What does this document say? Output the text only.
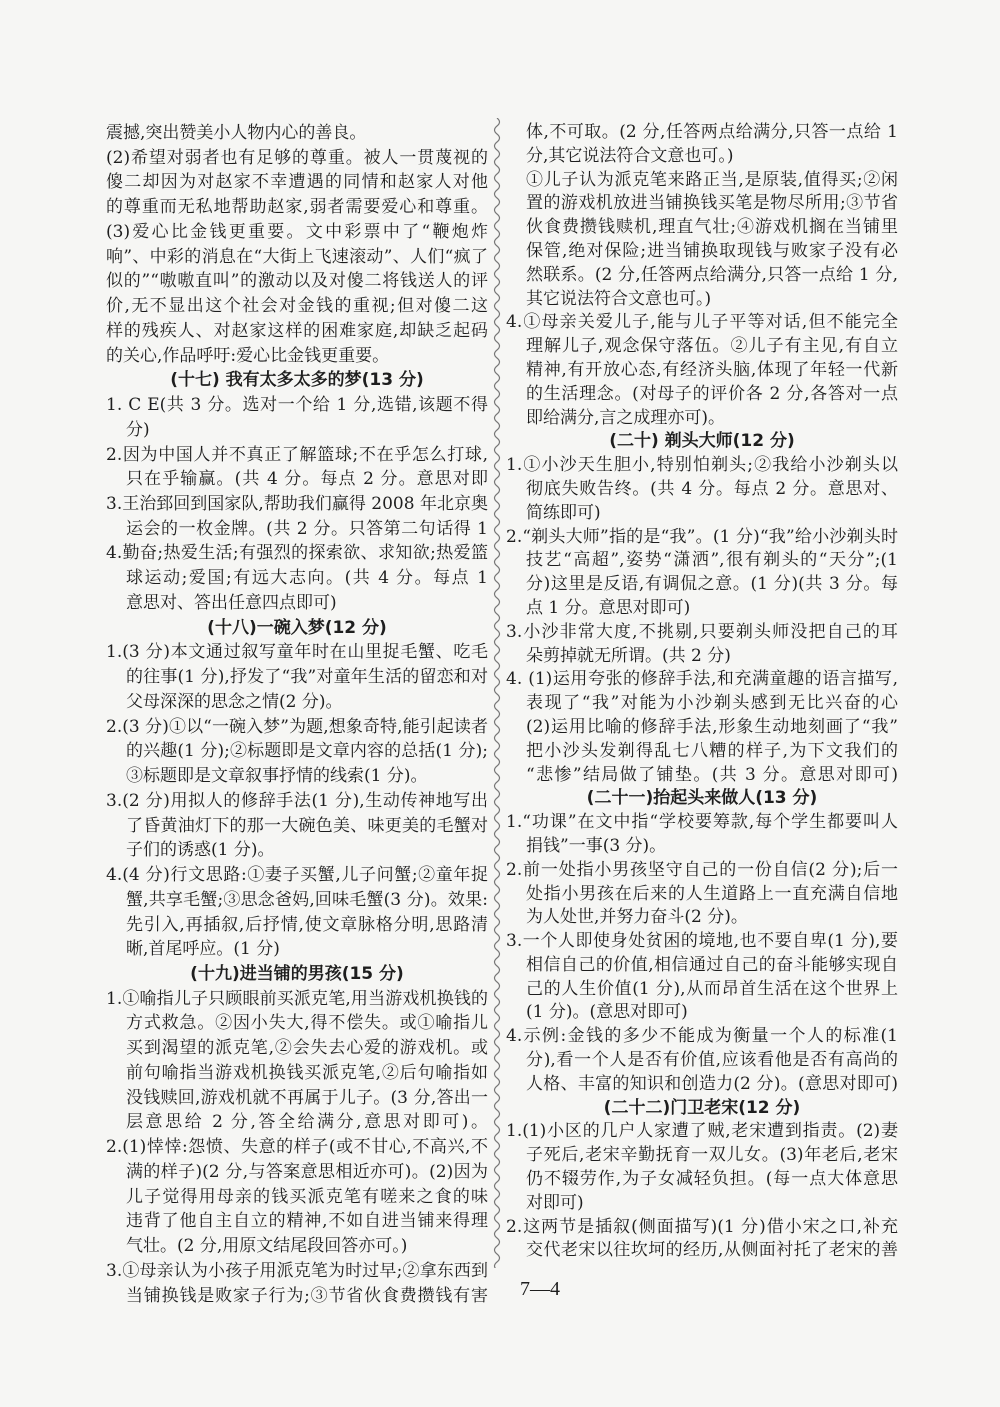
震撼,突出赞美小人物内心的善良。
(2)希望对弱者也有足够的尊重。被人一贯蔑视的
傻二却因为对赵家不幸遭遇的同情和赵家人对他
的尊重而无私地帮助赵家,弱者需要爱心和尊重。
(3)爱心比金钱更重要。文中彩票中了“鞭炮炸
响”、中彩的消息在“大街上飞速滚动”、人们“疯了
似的”“嗷嗷直叫”的激动以及对傻二将钱送人的评
价,无不显出这个社会对金钱的重视;但对傻二这
样的残疾人、对赵家这样的困难家庭,却缺乏起码
的关心,作品呼吁:爱心比金钱更重要。
(十七) 我有太多太多的梦(13 分)
1. C E(共 3 分。选对一个给 1 分,选错,该题不得
分)
2.因为中国人并不真正了解篮球;不在乎怎么打球,
只在乎输赢。(共 4 分。每点 2 分。意思对即
3.王治郅回到国家队,帮助我们赢得 2008 年北京奥
运会的一枚金牌。(共 2 分。只答第二句话得 1
4.勤奋;热爱生活;有强烈的探索欲、求知欲;热爱篮
球运动;爱国;有远大志向。(共 4 分。每点 1
意思对、答出任意四点即可)
(十八)一碗入梦(12 分)
1.(3 分)本文通过叙写童年时在山里捉毛蟹、吃毛
的往事(1 分),抒发了“我”对童年生活的留恋和对
父母深深的思念之情(2 分)。
2.(3 分)①以“一碗入梦”为题,想象奇特,能引起读者
的兴趣(1 分);②标题即是文章内容的总括(1 分);
③标题即是文章叙事抒情的线索(1 分)。
3.(2 分)用拟人的修辞手法(1 分),生动传神地写出
了昏黄油灯下的那一大碗色美、味更美的毛蟹对
子们的诱惑(1 分)。
4.(4 分)行文思路:①妻子买蟹,儿子问蟹;②童年捉
蟹,共享毛蟹;③思念爸妈,回味毛蟹(3 分)。效果:
先引入,再插叙,后抒情,使文章脉格分明,思路清
晰,首尾呼应。(1 分)
(十九)进当铺的男孩(15 分)
1.①喻指儿子只顾眼前买派克笔,用当游戏机换钱的
方式救急。②因小失大,得不偿失。或①喻指儿
买到渴望的派克笔,②会失去心爱的游戏机。或
前句喻指当游戏机换钱买派克笔,②后句喻指如
没钱赎回,游戏机就不再属于儿子。(3 分,答出一
层意思给 2 分,答全给满分,意思对即可)。
2.(1)悻悻:怨愤、失意的样子(或不甘心,不高兴,不
满的样子)(2 分,与答案意思相近亦可)。(2)因为
儿子觉得用母亲的钱买派克笔有嗟来之食的味
违背了他自主自立的精神,不如自进当铺来得理
气壮。(2 分,用原文结尾段回答亦可。)
3.①母亲认为小孩子用派克笔为时过早;②拿东西到
当铺换钱是败家子行为;③节省伙食费攒钱有害
体,不可取。(2 分,任答两点给满分,只答一点给 1
分,其它说法符合文意也可。)
①儿子认为派克笔来路正当,是原装,值得买;②闲
置的游戏机放进当铺换钱买笔是物尽所用;③节省
伙食费攒钱赎机,理直气壮;④游戏机搁在当铺里
保管,绝对保险;进当铺换取现钱与败家子没有必
然联系。(2 分,任答两点给满分,只答一点给 1 分,
其它说法符合文意也可。)
4.①母亲关爱儿子,能与儿子平等对话,但不能完全
理解儿子,观念保守落伍。②儿子有主见,有自立
精神,有开放心态,有经济头脑,体现了年轻一代新
的生活理念。(对母子的评价各 2 分,各答对一点
即给满分,言之成理亦可)。
(二十) 剃头大师(12 分)
1.①小沙天生胆小,特别怕剃头;②我给小沙剃头以
彻底失败告终。(共 4 分。每点 2 分。意思对、
简练即可)
2.“剃头大师”指的是“我”。(1 分)“我”给小沙剃头时
技艺“高超”,姿势“潇洒”,很有剃头的“天分”;(1
分)这里是反语,有调侃之意。(1 分)(共 3 分。每
点 1 分。意思对即可)
3.小沙非常大度,不挑剔,只要剃头师没把自己的耳
朵剪掉就无所谓。(共 2 分)
4. (1)运用夸张的修辞手法,和充满童趣的语言描写,
表现了“我”对能为小沙剃头感到无比兴奋的心
(2)运用比喻的修辞手法,形象生动地刻画了“我”
把小沙头发剃得乱七八糟的样子,为下文我们的
“悲惨”结局做了铺垫。(共 3 分。意思对即可)
(二十一)抬起头来做人(13 分)
1.“功课”在文中指“学校要筹款,每个学生都要叫人
捐钱”一事(3 分)。
2.前一处指小男孩坚守自己的一份自信(2 分);后一
处指小男孩在后来的人生道路上一直充满自信地
为人处世,并努力奋斗(2 分)。
3.一个人即使身处贫困的境地,也不要自卑(1 分),要
相信自己的价值,相信通过自己的奋斗能够实现自
己的人生价值(1 分),从而昂首生活在这个世界上
(1 分)。(意思对即可)
4.示例:金钱的多少不能成为衡量一个人的标准(1
分),看一个人是否有价值,应该看他是否有高尚的
人格、丰富的知识和创造力(2 分)。(意思对即可)
(二十二)门卫老宋(12 分)
1.(1)小区的几户人家遭了贼,老宋遭到指责。(2)妻
子死后,老宋辛勤抚育一双儿女。(3)年老后,老宋
仍不辍劳作,为子女减轻负担。(每一点大体意思
对即可)
2.这两节是插叙(侧面描写)(1 分)借小宋之口,补充
交代老宋以往坎坷的经历,从侧面衬托了老宋的善
7—4
